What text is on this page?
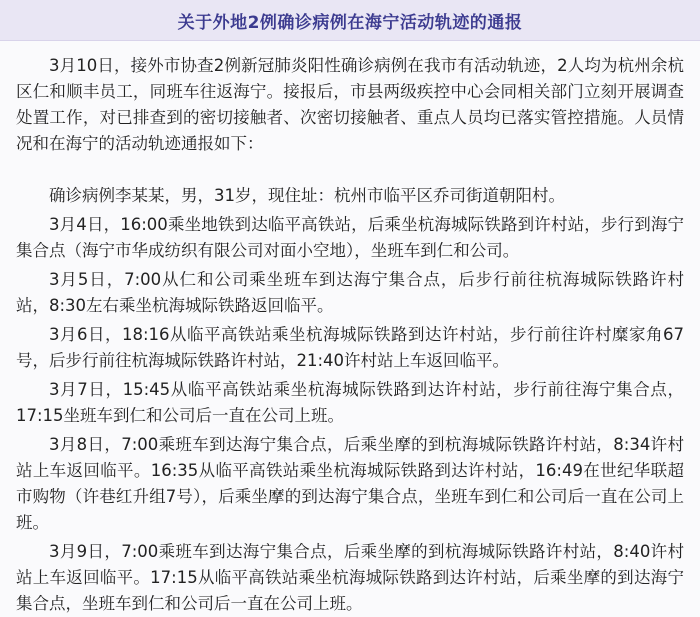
关于外地2例确诊病例在海宁活动轨迹的通报

3月10日，接外市协查2例新冠肺炎阳性确诊病例在我市有活动轨迹，2人均为杭州余杭区仁和顺丰员工，同班车往返海宁。接报后，市县两级疾控中心会同相关部门立刻开展调查处置工作，对已排查到的密切接触者、次密切接触者、重点人员均已落实管控措施。人员情况和在海宁的活动轨迹通报如下：

确诊病例李某某，男，31岁，现住址：杭州市临平区乔司街道朝阳村。

3月4日，16:00乘坐地铁到达临平高铁站，后乘坐杭海城际铁路到许村站，步行到海宁集合点（海宁市华成纺织有限公司对面小空地），坐班车到仁和公司。

3月5日，7:00从仁和公司乘坐班车到达海宁集合点，后步行前往杭海城际铁路许村站，8:30左右乘坐杭海城际铁路返回临平。

3月6日，18:16从临平高铁站乘坐杭海城际铁路到达许村站，步行前往许村糜家角67号，后步行前往杭海城际铁路许村站，21:40许村站上车返回临平。

3月7日，15:45从临平高铁站乘坐杭海城际铁路到达许村站，步行前往海宁集合点，17:15坐班车到仁和公司后一直在公司上班。

3月8日，7:00乘班车到达海宁集合点，后乘坐摩的到杭海城际铁路许村站，8:34许村站上车返回临平。16:35从临平高铁站乘坐杭海城际铁路到达许村站，16:49在世纪华联超市购物（许巷红升组7号），后乘坐摩的到达海宁集合点，坐班车到仁和公司后一直在公司上班。

3月9日，7:00乘班车到达海宁集合点，后乘坐摩的到杭海城际铁路许村站，8:40许村站上车返回临平。17:15从临平高铁站乘坐杭海城际铁路到达许村站，后乘坐摩的到达海宁集合点，坐班车到仁和公司后一直在公司上班。
